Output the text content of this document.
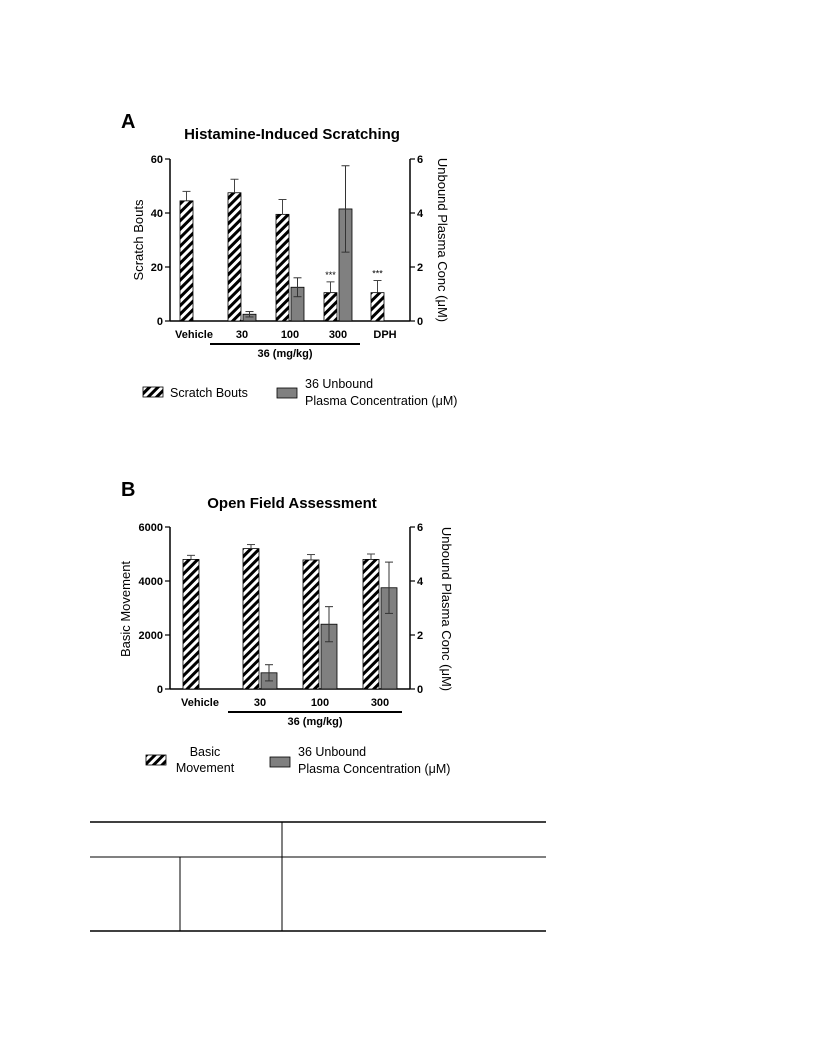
A
Histamine-Induced Scratching
Scratch Bouts	Unbound Plasma Conc (μM)
0
20
40
60
0
2
4
6
Vehicle 30	100	300 DPH
***	***
36 (mg/kg)
Scratch Bouts
36 Unbound
Plasma Concentration (μM)
B
Open Field Assessment
Basic Movement	Unbound Plasma Conc (μM)
0
2000
4000
6000
0
2
4
6
Vehicle	30	100	300
36 (mg/kg)
Basic
Movement
36 Unbound
Plasma Concentration (μM)
